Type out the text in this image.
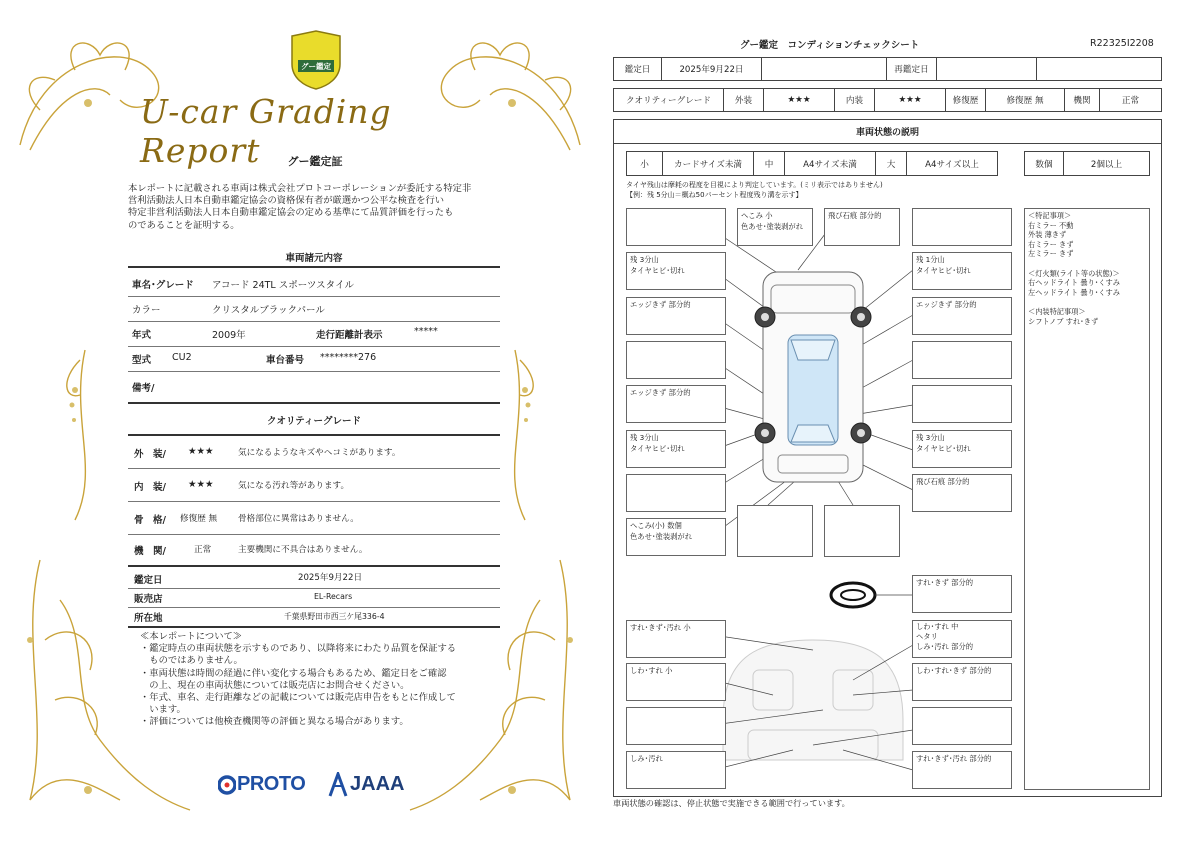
グー鑑定
U-car Grading Report	グー鑑定証
本レポートに記載される車両は株式会社プロトコーポレーションが委託する特定非
営利活動法人日本自動車鑑定協会の資格保有者が厳選かつ公平な検査を行い
特定非営利活動法人日本自動車鑑定協会の定める基準にて品質評価を行ったも
のであることを証明する。
車両諸元内容
車名･グレード アコード 24TL スポーツスタイル
カラー	クリスタルブラックパール
年式	2009年	走行距離計表示	*****
型式 CU2	車台番号 ********276
備考/
クオリティーグレード
外　装/ ★★★	気になるようなキズやヘコミがあります。
内　装/ ★★★	気になる汚れ等があります。
骨　格/ 修復歴 無 骨格部位に異常はありません。
機　関/	正常	主要機関に不具合はありません。
鑑定日	2025年9月22日
販売店	EL-Recars
所在地	千葉県野田市西三ケ尾336-4
≪本レポートについて≫
・鑑定時点の車両状態を示すものであり、以降将来にわたり品質を保証する
　ものではありません。
・車両状態は時間の経過に伴い変化する場合もあるため、鑑定日をご確認
　の上、現在の車両状態については販売店にお問合せください。
・年式、車名、走行距離などの記載については販売店申告をもとに作成して
　います。
・評価については他検査機関等の評価と異なる場合があります。
PROTO JAAA
グー鑑定　コンディションチェックシート	R22325I2208
鑑定日	2025年9月22日	再鑑定日
クオリティーグレード	外装	★★★	内装	★★★	修復歴	修復歴 無	機関	正常
車両状態の説明
小	カードサイズ未満	中	A4サイズ未満	大	A4サイズ以上	数個	2個以上
タイヤ残山は摩耗の程度を目視により判定しています。(ミリ表示ではありません)
【例：残 5分山＝概ね50パーセント程度残り溝を示す】
＜特記事項＞
右ミラー 不動
外装 薄きず
右ミラー きず
左ミラー きず
＜灯火類(ライト等の状態)＞
右ヘッドライト 曇り･くすみ
左ヘッドライト 曇り･くすみ
＜内装特記事項＞
シフトノブ すれ･きず
へこみ 小
色あせ･塗装剥がれ
飛び石痕 部分的
残 3分山
タイヤヒビ･切れ
残 1分山
タイヤヒビ･切れ
エッジきず 部分的	エッジきず 部分的
エッジきず 部分的
残 3分山
タイヤヒビ･切れ
残 3分山
タイヤヒビ･切れ
飛び石痕 部分的
へこみ(小) 数個
色あせ･塗装剥がれ
すれ･きず 部分的
すれ･きず･汚れ 小	しわ･すれ 中
ヘタリ
しみ･汚れ 部分的
しわ･すれ 小	しわ･すれ･きず 部分的
しみ･汚れ	すれ･きず･汚れ 部分的
車両状態の確認は、停止状態で実施できる範囲で行っています。
